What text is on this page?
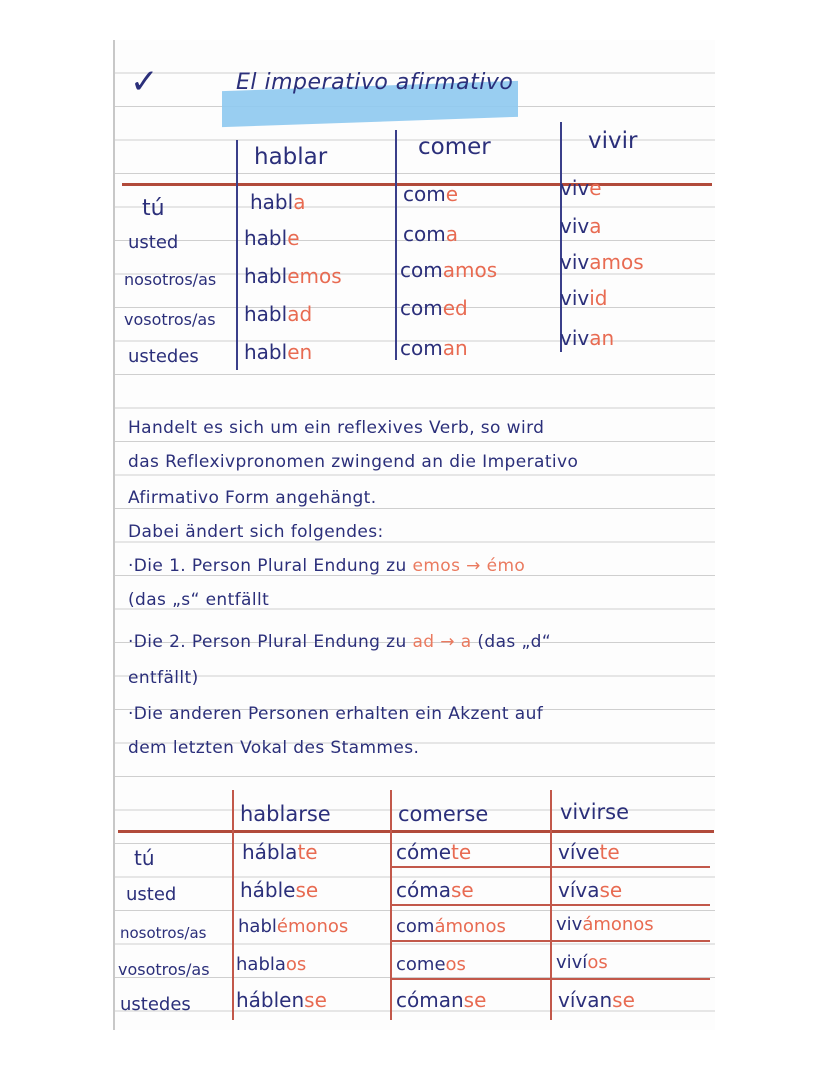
✓	El imperativo afirmativo
hablar	comer	vivir
tú	habla	come	vive
usted	hable	coma	viva
nosotros/as hablemos	comamos	vivamos
vosotros/as hablad	comed	vivid
ustedes hablen	coman	vivan
Handelt es sich um ein reflexives Verb, so wird
das Reflexivpronomen zwingend an die Imperativo
Afirmativo Form angehängt.
Dabei ändert sich folgendes:
·Die 1. Person Plural Endung zu emos → émo
(das „s“ entfällt
·Die 2. Person Plural Endung zu ad → a (das „d“
entfällt)
·Die anderen Personen erhalten ein Akzent auf
dem letzten Vokal des Stammes.
hablarse	comerse	vivirse
tú	háblate	cómete	vívete
usted	háblese	cómase	vívase
nosotros/as hablémonos	comámonos	vivámonos
vosotros/as hablaos	comeos	vivíos
ustedes háblense	cómanse	vívanse
